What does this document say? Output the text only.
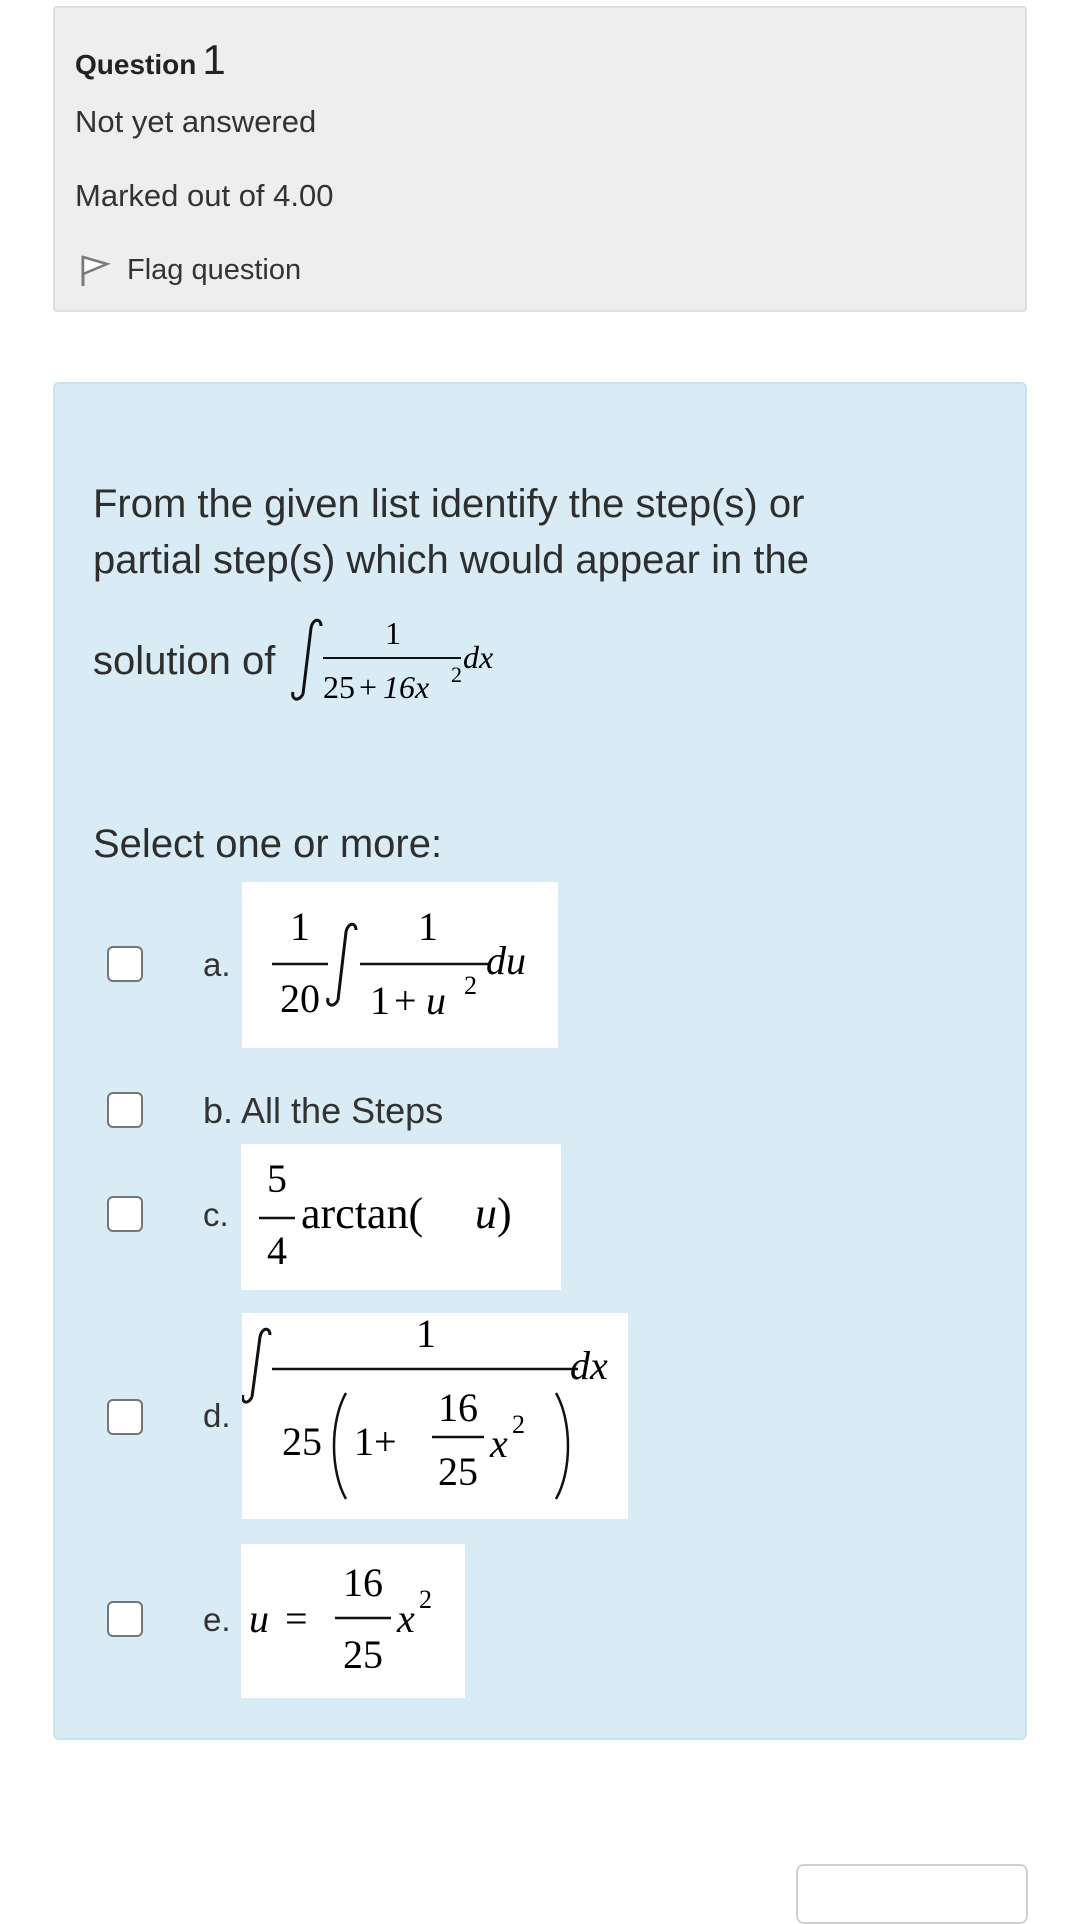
Question 1
Not yet answered
Marked out of 4.00
Flag question
From the given list identify the step(s) or
partial step(s) which would appear in the
solution of
1
25 + 16x 2 dx
Select one or more:
a.
1
20
1
1 + u 2
du
b. All the Steps
c.
5
4
arctan( u )
d.
1
25 1+
16
25
x 2
dx
e. u =
16
25
x 2
